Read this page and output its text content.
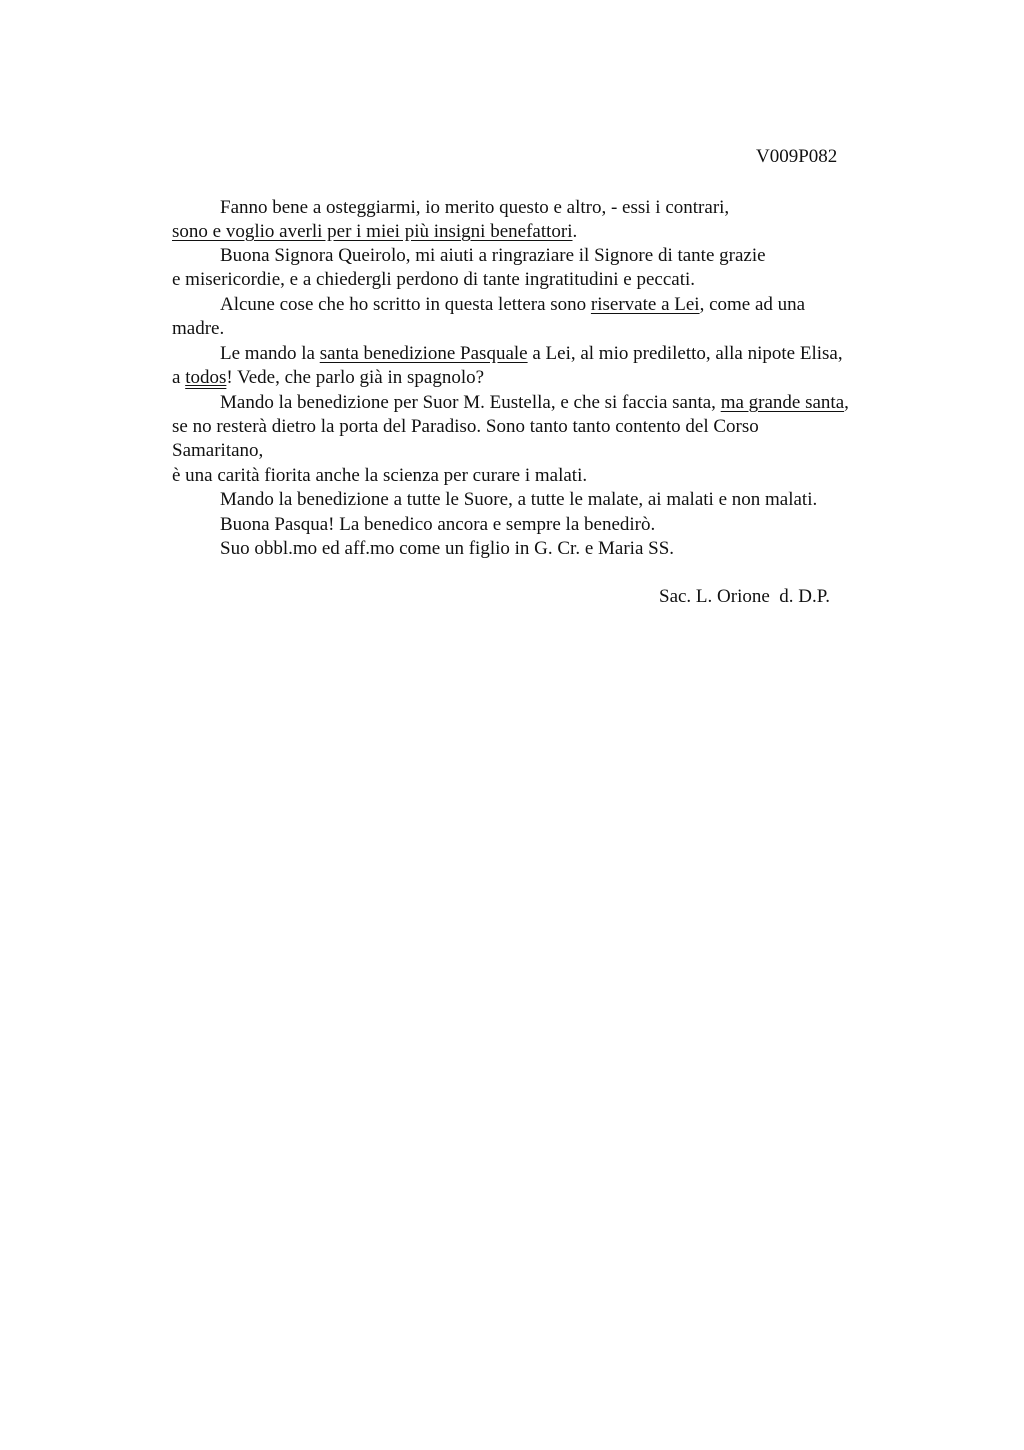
V009P082
Fanno bene a osteggiarmi, io merito questo e altro, - essi i contrari,
sono e voglio averli per i miei più insigni benefattori.
Buona Signora Queirolo, mi aiuti a ringraziare il Signore di tante grazie
e misericordie, e a chiedergli perdono di tante ingratitudini e peccati.
Alcune cose che ho scritto in questa lettera sono riservate a Lei, come ad una
madre.
Le mando la santa benedizione Pasquale a Lei, al mio prediletto, alla nipote Elisa,
a todos! Vede, che parlo già in spagnolo?
Mando la benedizione per Suor M. Eustella, e che si faccia santa, ma grande santa,
se no resterà dietro la porta del Paradiso. Sono tanto tanto contento del Corso
Samaritano,
è una carità fiorita anche la scienza per curare i malati.
Mando la benedizione a tutte le Suore, a tutte le malate, ai malati e non malati.
Buona Pasqua! La benedico ancora e sempre la benedirò.
Suo obbl.mo ed aff.mo come un figlio in G. Cr. e Maria SS.
Sac. L. Orione  d. D.P.
